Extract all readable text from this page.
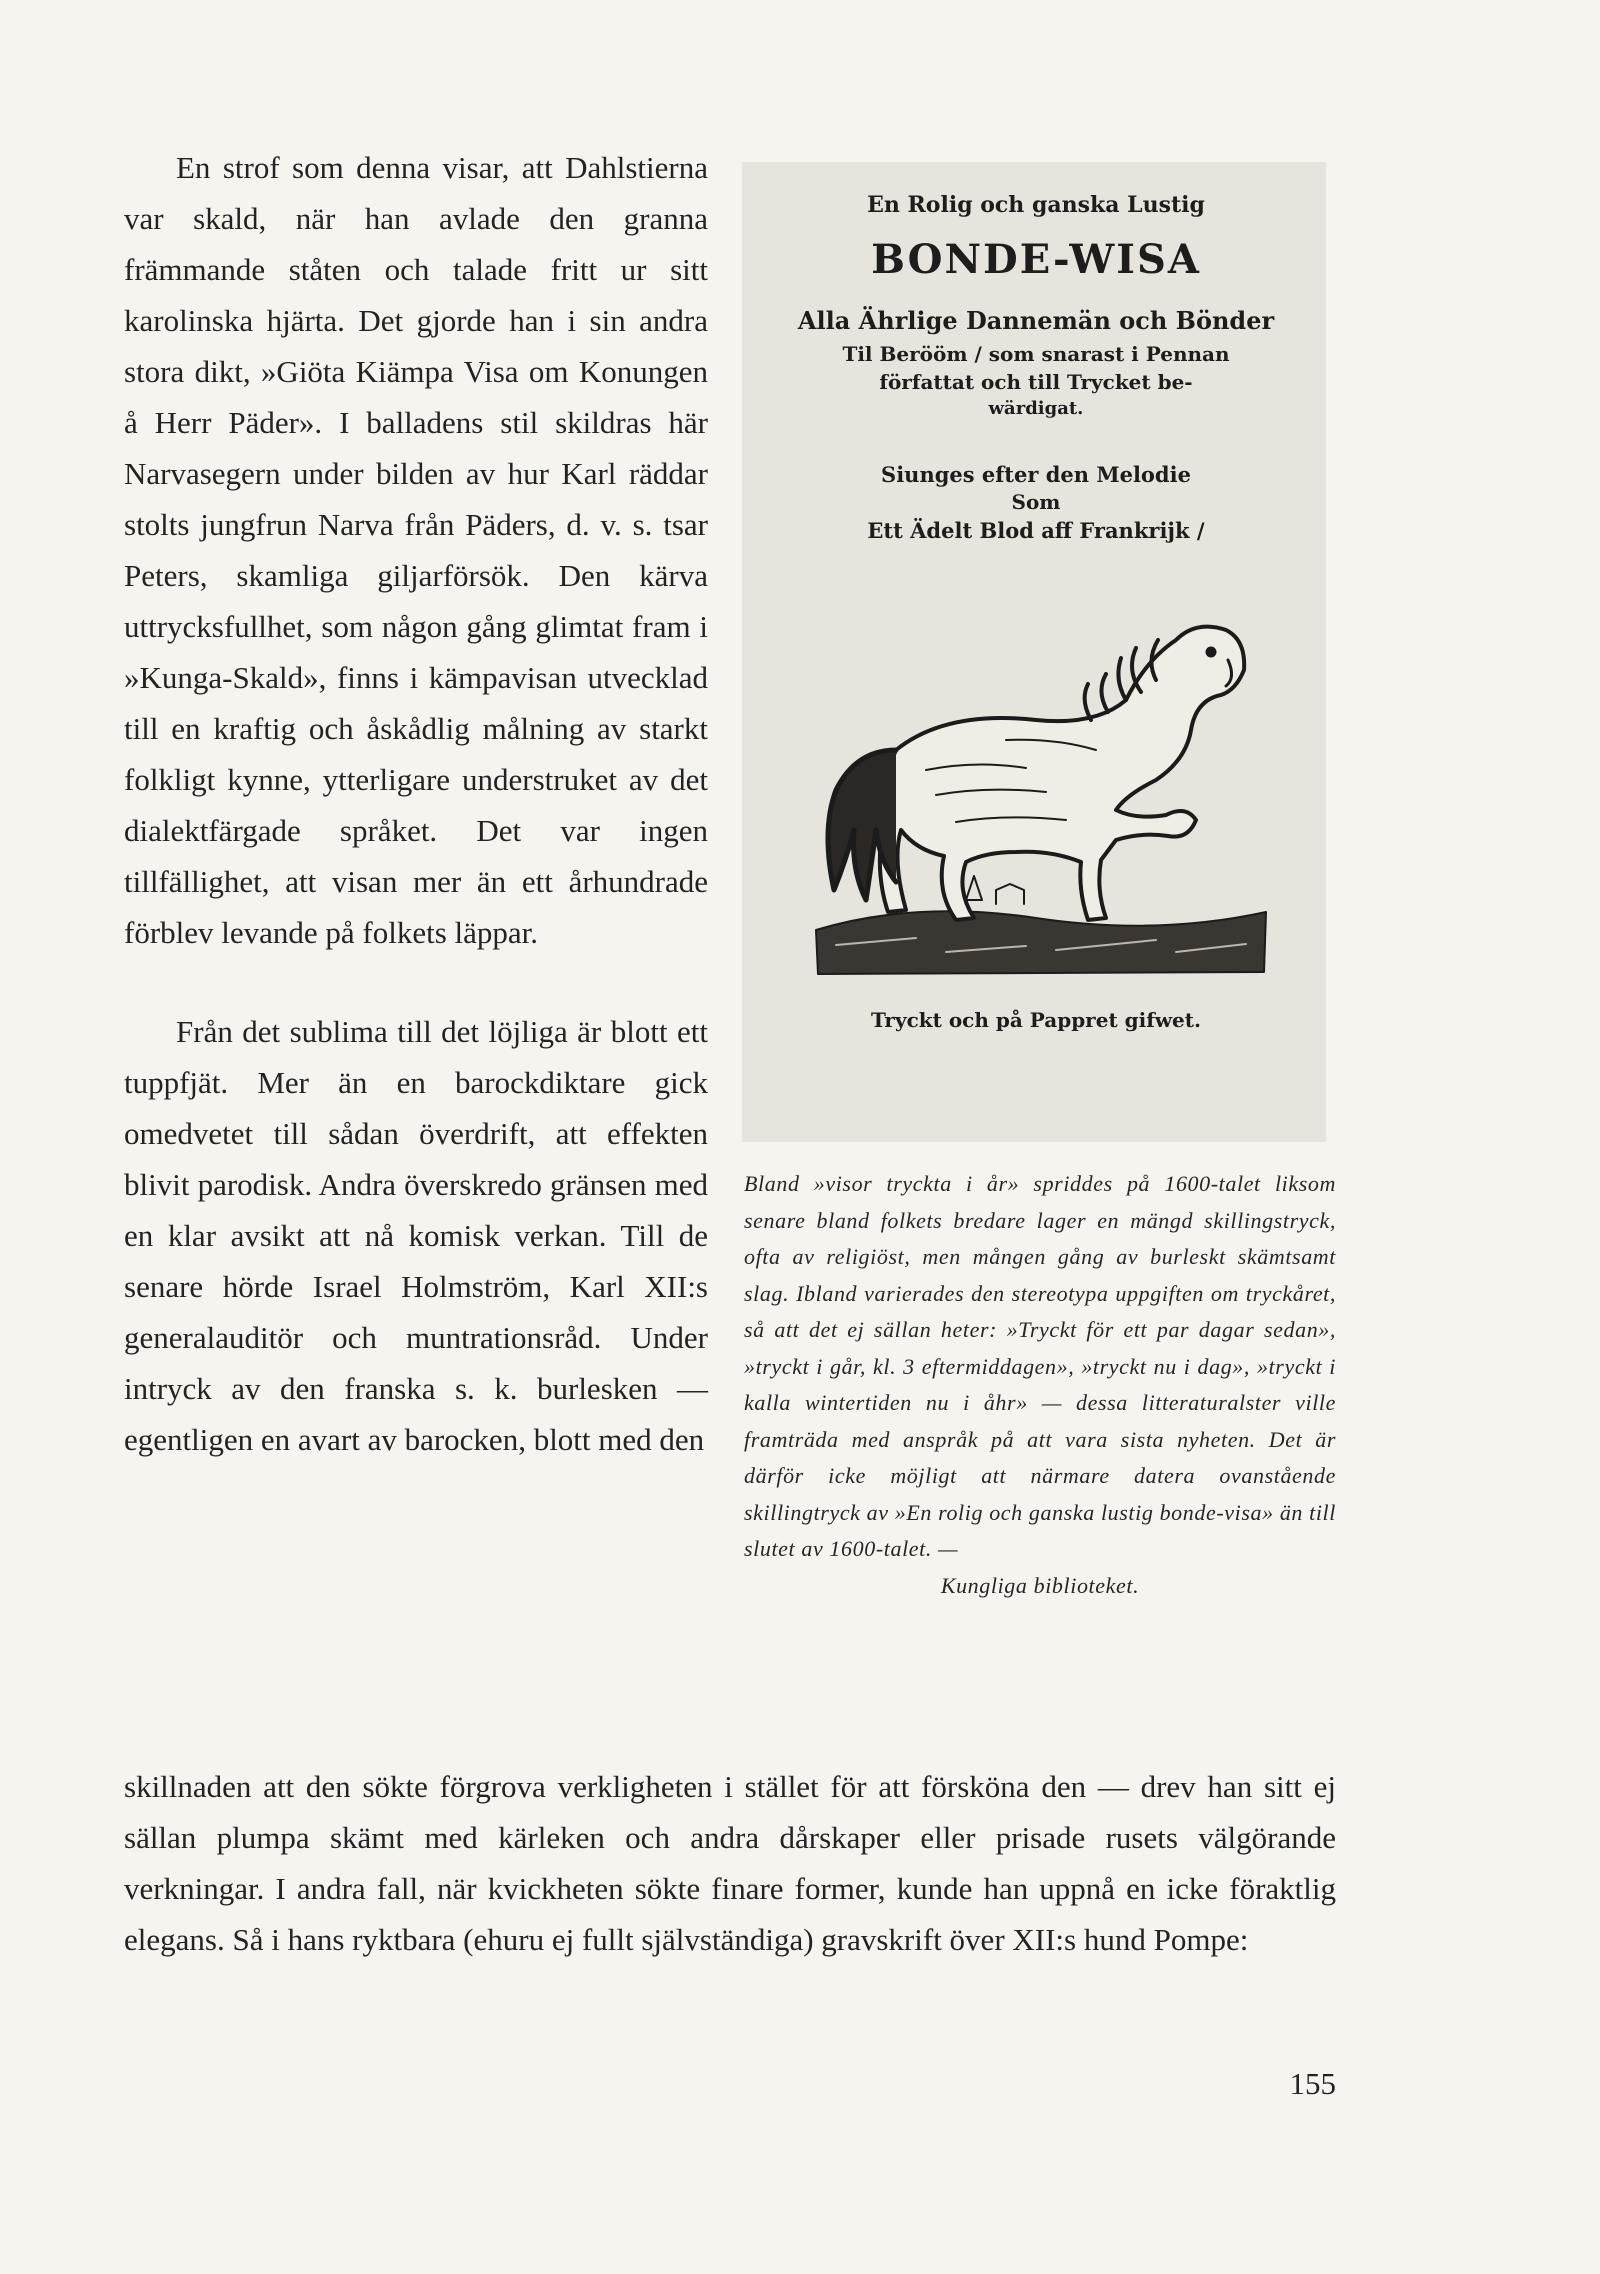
En strof som denna visar, att Dahlstierna var skald, när han avlade den granna främmande ståten och talade fritt ur sitt karolinska hjärta. Det gjorde han i sin andra stora dikt, »Giöta Kiämpa Visa om Konungen å Herr Päder». I balladens stil skildras här Narvasegern under bilden av hur Karl räddar stolts jungfrun Narva från Päders, d. v. s. tsar Peters, skamliga giljarförsök. Den kärva uttrycksfullhet, som någon gång glimtat fram i »Kunga-Skald», finns i kämpavisan utvecklad till en kraftig och åskådlig målning av starkt folkligt kynne, ytterligare understruket av det dialektfärgade språket. Det var ingen tillfällighet, att visan mer än ett århundrade förblev levande på folkets läppar.

Från det sublima till det löjliga är blott ett tuppfjät. Mer än en barockdiktare gick omedvetet till sådan överdrift, att effekten blivit parodisk. Andra överskredo gränsen med en klar avsikt att nå komisk verkan. Till de senare hörde Israel Holmström, Karl XII:s generalauditör och muntrationsråd. Under intryck av den franska s. k. burlesken — egentligen en avart av barocken, blott med den

En Rolig och ganska Lustig
BONDE-WISA
Alla Ährlige Dannemän och Bönder
Til Berööm / som snarast i Pennan
författat och till Trycket be-
wärdigat.
Siunges efter den Melodie
Som
Ett Ädelt Blod aff Frankrijk /
Tryckt och på Pappret gifwet.
Bland »visor tryckta i år» spriddes på 1600-talet liksom senare bland folkets bredare lager en mängd skillingstryck, ofta av religiöst, men mången gång av burleskt skämtsamt slag. Ibland varierades den stereotypa uppgiften om tryckåret, så att det ej sällan heter: »Tryckt för ett par dagar sedan», »tryckt i går, kl. 3 eftermiddagen», »tryckt nu i dag», »tryckt i kalla wintertiden nu i åhr» — dessa litteraturalster ville framträda med anspråk på att vara sista nyheten. Det är därför icke möjligt att närmare datera ovanstående skillingtryck av »En rolig och ganska lustig bonde-visa» än till slutet av 1600-talet. —
Kungliga biblioteket.
skillnaden att den sökte förgrova verkligheten i stället för att försköna den — drev han sitt ej sällan plumpa skämt med kärleken och andra dårskaper eller prisade rusets välgörande verkningar. I andra fall, när kvickheten sökte finare former, kunde han uppnå en icke föraktlig elegans. Så i hans ryktbara (ehuru ej fullt självständiga) gravskrift över XII:s hund Pompe:
155
